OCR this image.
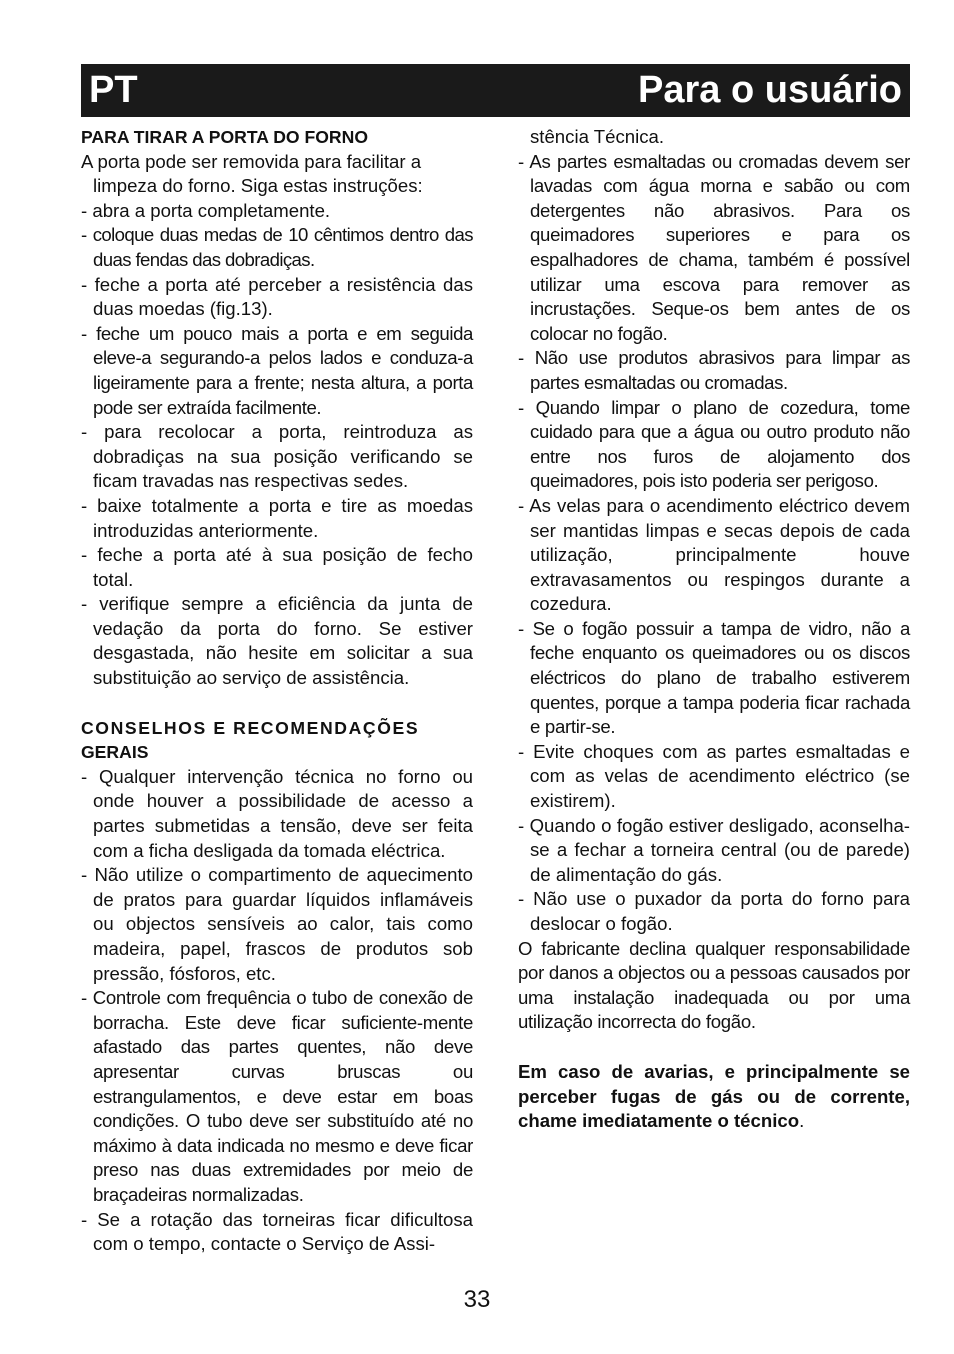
PT	Para o usuário

PARA TIRAR A PORTA DO FORNO

A porta pode ser removida para facilitar a

limpeza do forno. Siga estas instruções:

- abra a porta completamente.

- coloque duas medas de 10 cêntimos dentro das duas fendas das dobradiças.

- feche a porta até perceber a resistência das duas moedas (fig.13).

- feche um pouco mais a porta e em seguida eleve-a segurando-a pelos lados e conduza-a ligeiramente para a frente; nesta altura, a porta pode ser extraída facilmente.

- para recolocar a porta, reintroduza as dobradiças na sua posição verificando se ficam travadas nas respectivas sedes.

- baixe totalmente a porta e tire as moedas introduzidas anteriormente.

- feche a porta até à sua posição de fecho total.

- verifique sempre a eficiência da junta de vedação da porta do forno. Se estiver desgastada, não hesite em solicitar a sua substituição ao serviço de assistência.

CONSELHOS E RECOMENDAÇÕES

GERAIS

- Qualquer intervenção técnica no forno ou onde houver a possibilidade de acesso a partes submetidas a tensão, deve ser feita com a ficha desligada da tomada eléctrica.

- Não utilize o compartimento de aquecimento de pratos para guardar líquidos inflamáveis ou objectos sensíveis ao calor, tais como madeira, papel, frascos de produtos sob pressão, fósforos, etc.

- Controle com frequência o tubo de conexão de borracha. Este deve ficar suficiente-mente afastado das partes quentes, não deve apresentar curvas bruscas ou estrangulamentos, e deve estar em boas condições. O tubo deve ser substituído até no máximo à data indicada no mesmo e deve ficar preso nas duas extremidades por meio de braçadeiras normalizadas.

- Se a rotação das torneiras ficar dificultosa com o tempo, contacte o Serviço de Assi-

stência Técnica.

- As partes esmaltadas ou cromadas devem ser lavadas com água morna e sabão ou com detergentes não abrasivos. Para os queimadores superiores e para os espalhadores de chama, também é possível utilizar uma escova para remover as incrustações. Seque-os bem antes de os colocar no fogão.

- Não use produtos abrasivos para limpar as partes esmaltadas ou cromadas.

- Quando limpar o plano de cozedura, tome cuidado para que a água ou outro produto não entre nos furos de alojamento dos queimadores, pois isto poderia ser perigoso.

- As velas para o acendimento eléctrico devem ser mantidas limpas e secas depois de cada utilização, principalmente houve extravasamentos ou respingos durante a cozedura.

- Se o fogão possuir a tampa de vidro, não a feche enquanto os queimadores ou os discos eléctricos do plano de trabalho estiverem quentes, porque a tampa poderia ficar rachada e partir-se.

- Evite choques com as partes esmaltadas e com as velas de acendimento eléctrico (se existirem).

- Quando o fogão estiver desligado, aconselha-se a fechar a torneira central (ou de parede) de alimentação do gás.

- Não use o puxador da porta do forno para deslocar o fogão.

O fabricante declina qualquer responsabilidade por danos a objectos ou a pessoas causados por uma instalação inadequada ou por uma utilização incorrecta do fogão.

Em caso de avarias, e principalmente se perceber fugas de gás ou de corrente, chame imediatamente o técnico.

33
